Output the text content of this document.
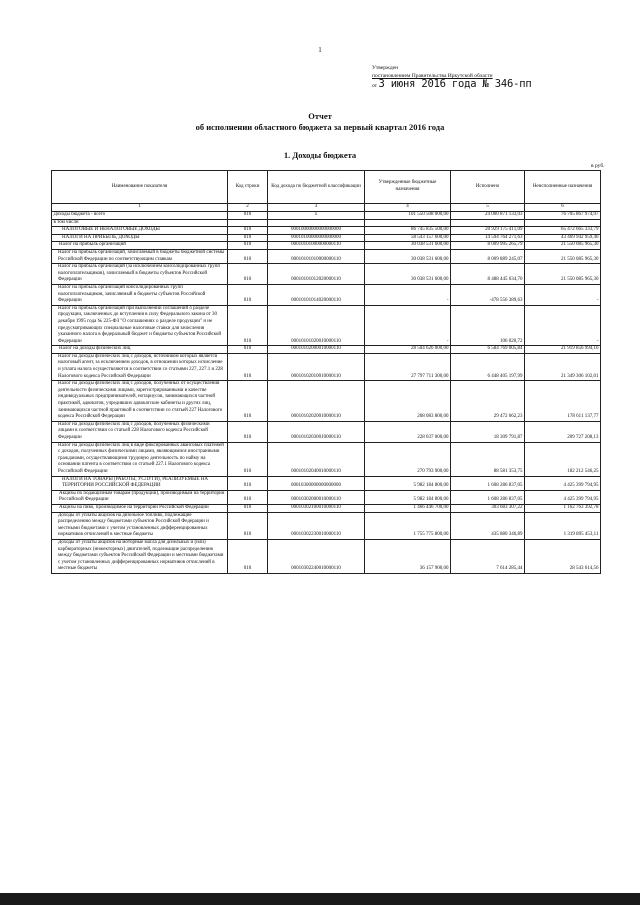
1
Утвержден
постановлением Правительства Иркутской области
от 3 июня 2016 года № 346-пп
Отчет
об исполнении областного бюджета за первый квартал 2016 года
1. Доходы бюджета
в руб.
Наименование показателя	Код строки	Код дохода по бюджетной классификации	Утвержденные бюджетные назначения	Исполнено	Неисполненные назначения
1	2	3	4	5	6
Доходы бюджета - всего	010	x	101 550 508 000,00	24 000 871 133,03	76 705 867 974,97
в том числе:					
НАЛОГОВЫЕ И НЕНАЛОГОВЫЕ ДОХОДЫ	010	00010000000000000000	86 745 835 500,00	20 929 175 411,09	65 472 665 333,79
НАЛОГИ НА ПРИБЫЛЬ, ДОХОДЫ	010	00010100000000000000	58 543 157 600,00	14 594 764 271,63	43 469 942 959,46
Налог на прибыль организаций	010	00010101000000000110	30 038 531 600,00	8 009 995 265,79	21 550 085 965,30
Налог на прибыль организаций, зачисляемый в бюджеты бюджетной системы Российской Федерации по соответствующим ставкам	010	00010101010000000110	30 038 531 600,00	8 009 889 245,07	21 550 085 965,30
Налог на прибыль организаций (за исключением консолидированных групп налогоплательщиков), зачисляемый в бюджеты субъектов Российской Федерации	010	00010101012020000110	30 038 531 600,00	8 488 445 634,70	21 550 085 965,30
Налог на прибыль организаций консолидированных групп налогоплательщиков, зачисляемый в бюджеты субъектов Российской Федерации	010	00010101014020000110	-	-478 556 389,63	-
Налог на прибыль организаций при выполнении соглашений о разделе продукции, заключенных до вступления в силу Федерального закона от 30 декабря 1995 года № 225-ФЗ "О соглашениях о разделе продукции" и не предусматривающих специальные налоговые ставки для зачисления указанного налога в федеральный бюджет и бюджеты субъектов Российской Федерации	010	00010101020010000110	-	106 020,72	-
Налог на доходы физических лиц	010	00010102000010000110	28 504 626 000,00	6 584 769 005,84	21 919 856 994,16
Налог на доходы физических лиц с доходов, источником которых является налоговый агент, за исключением доходов, в отношении которых исчисление и уплата налога осуществляются в соответствии со статьями 227, 227.1 и 228 Налогового кодекса Российской Федерации	010	00010102010010000110	27 797 711 300,00	6 448 405 197,99	21 349 306 102,01
Налог на доходы физических лиц с доходов, полученных от осуществления деятельности физическими лицами, зарегистрированными в качестве индивидуальных предпринимателей, нотариусов, занимающихся частной практикой, адвокатов, учредивших адвокатские кабинеты и других лиц, занимающихся частной практикой в соответствии со статьей 227 Налогового кодекса Российской Федерации	010	00010102020010000110	208 083 800,00	29 472 662,23	178 611 137,77
Налог на доходы физических лиц с доходов, полученных физическими лицами в соответствии со статьей 228 Налогового кодекса Российской Федерации	010	00010102030010000110	228 037 000,00	18 309 791,87	209 727 208,13
Налог на доходы физических лиц в виде фиксированных авансовых платежей с доходов, полученных физическими лицами, являющимися иностранными гражданами, осуществляющими трудовую деятельность по найму на основании патента в соответствии со статьей 227.1 Налогового кодекса Российской Федерации	010	00010102040010000110	270 793 900,00	88 581 353,75	182 212 546,25
НАЛОГИ НА ТОВАРЫ (РАБОТЫ, УСЛУГИ), РЕАЛИЗУЕМЫЕ НА ТЕРРИТОРИИ РОССИЙСКОЙ ФЕДЕРАЦИИ	010	00010300000000000000	5 982 184 800,00	1 608 286 837,05	4 425 399 794,95
Акцизы по подакцизным товарам (продукции), производимым на территории Российской Федерации	010	00010302000010000110	5 982 184 800,00	1 608 286 837,05	4 425 399 794,95
Акцизы на пиво, производимое на территории Российской Федерации	010	00010302100010000110	1 466 446 700,00	303 683 307,22	1 162 763 392,78
Доходы от уплаты акцизов на дизельное топливо, подлежащие распределению между бюджетами субъектов Российской Федерации и местными бюджетами с учетом установленных дифференцированных нормативов отчислений в местные бюджеты	010	00010302230010000110	1 755 775 800,00	435 880 346,89	1 319 895 453,11
Доходы от уплаты акцизов на моторные масла для дизельных и (или) карбюраторных (инжекторных) двигателей, подлежащие распределению между бюджетами субъектов Российской Федерации и местными бюджетами с учетом установленных дифференцированных нормативов отчислений в местные бюджеты	010	00010302240010000110	36 157 900,00	7 614 285,44	28 543 614,56
